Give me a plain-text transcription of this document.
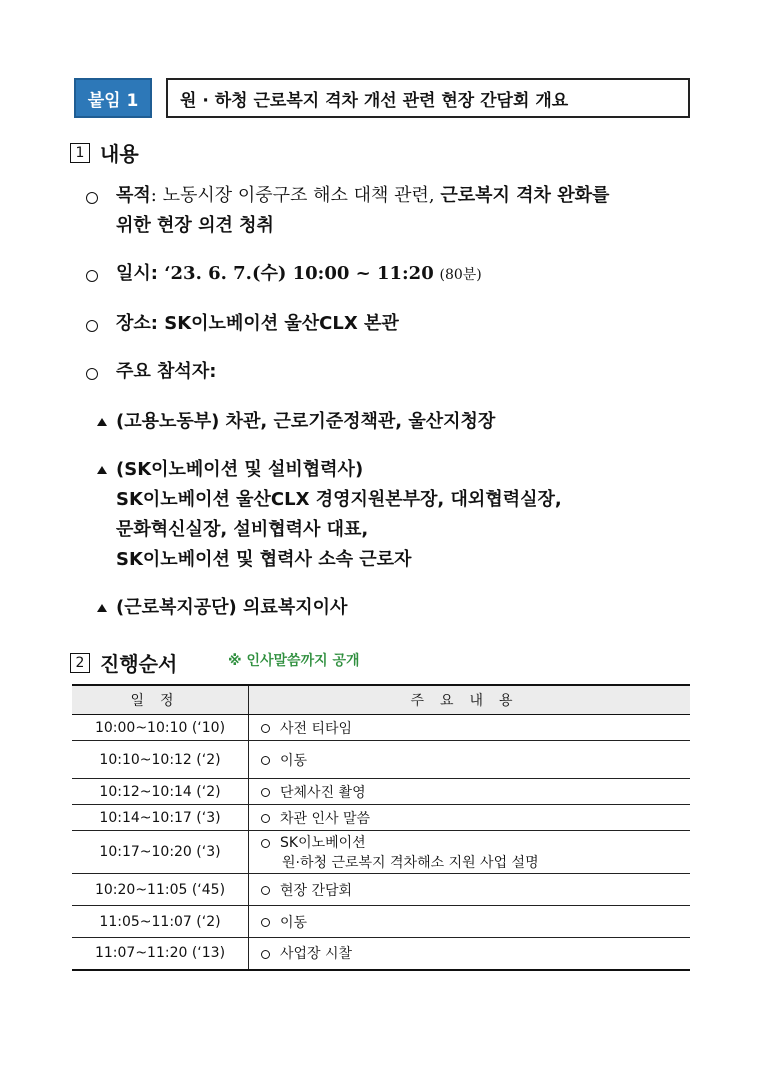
붙임 1	원 · 하청 근로복지 격차 개선 관련 현장 간담회 개요
1 내용
목적: 노동시장 이중구조 해소 대책 관련, 근로복지 격차 완화를
위한 현장 의견 청취
일시: ‘23. 6. 7.(수) 10:00 ~ 11:20 (80분)
장소: SK이노베이션 울산CLX 본관
주요 참석자:
(고용노동부) 차관, 근로기준정책관, 울산지청장
(SK이노베이션 및 설비협력사)
SK이노베이션 울산CLX 경영지원본부장, 대외협력실장,
문화혁신실장, 설비협력사 대표,
SK이노베이션 및 협력사 소속 근로자
(근로복지공단) 의료복지이사
2 진행순서	※ 인사말씀까지 공개
일정	주요내용
10:00~10:10 (‘10)	사전 티타임
10:10~10:12 (‘2)	이동
10:12~10:14 (‘2)	단체사진 촬영
10:14~10:17 (‘3)	차관 인사 말씀
10:17~10:20 (‘3)	SK이노베이션
원·하청 근로복지 격차해소 지원 사업 설명

10:20~11:05 (‘45)	현장 간담회
11:05~11:07 (‘2)	이동
11:07~11:20 (‘13)	사업장 시찰
